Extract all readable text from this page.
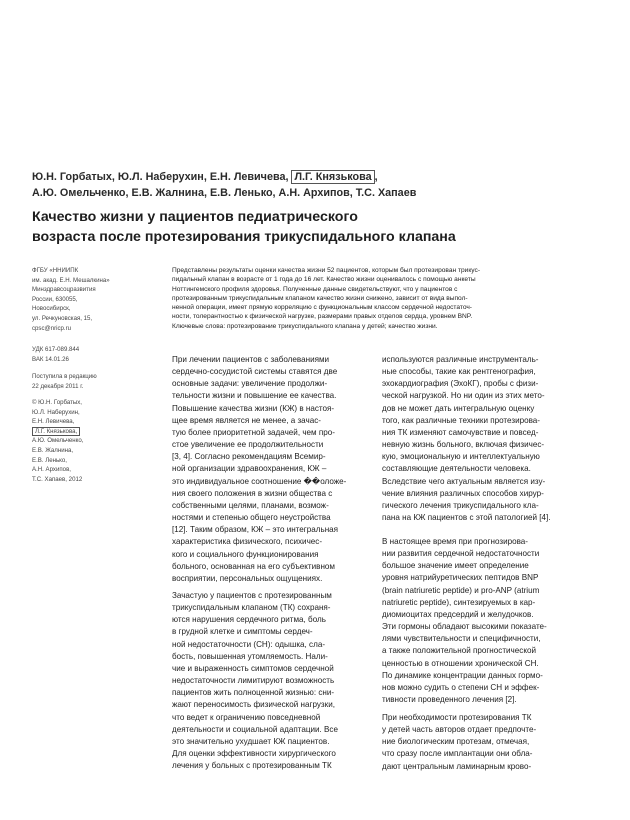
Ю.Н. Горбатых, Ю.Л. Наберухин, Е.Н. Левичева, Л.Г. Князькова ,
А.Ю. Омельченко, Е.В. Жалнина, Е.В. Ленько, А.Н. Архипов, Т.С. Хапаев
Качество жизни у пациентов педиатрического
возраста после протезирования трикуспидального клапана
ФГБУ «ННИИПК
им. акад. Е.Н. Мешалкина»
Минздравсоцразвития
России, 630055,
Новосибирск,
ул. Речкуновская, 15,
cpsc@nricp.ru
УДК 617-089.844
ВАК 14.01.26
Поступила в редакцию
22 декабря 2011 г.
© Ю.Н. Горбатых,
Ю.Л. Наберухин,
Е.Н. Левичева,
Л.Г. Князькова,
А.Ю. Омельченко,
Е.В. Жалнина,
Е.В. Ленько,
А.Н. Архипов,
Т.С. Хапаев, 2012
Представлены результаты оценки качества жизни 52 пациентов, которым был протезирован трикус-
пидальный клапан в возрасте от 1 года до 16 лет. Качество жизни оценивалось с помощью анкеты
Ноттингемского профиля здоровья. Полученные данные свидетельствуют, что у пациентов с
протезированным трикуспидальным клапаном качество жизни снижено, зависит от вида выпол-
ненной операции, имеет прямую корреляцию с функциональным классом сердечной недостаточ-
ности, толерантностью к физической нагрузке, размерами правых отделов сердца, уровнем BNP.
Ключевые слова: протезирование трикуспидального клапана у детей; качество жизни.

При лечении пациентов с заболеваниями
сердечно-сосудистой системы ставятся две
основные задачи: увеличение продолжи-
тельности жизни и повышение ее качества.
Повышение качества жизни (КЖ) в настоя-
щее время является не менее, а зачас-
тую более приоритетной задачей, чем про-
стое увеличение ее продолжительности
[3, 4]. Согласно рекомендациям Всемир-
ной организации здравоохранения, КЖ –
это индивидуальное соотношение ��оложе-
ния своего положения в жизни общества с
собственными целями, планами, возмож-
ностями и степенью общего неустройства
[12]. Таким образом, КЖ – это интегральная
характеристика физического, психичес-
кого и социального функционирования
больного, основанная на его субъективном
восприятии, персональных ощущениях.

Зачастую у пациентов с протезированным
трикуспидальным клапаном (ТК) сохраня-
ются нарушения сердечного ритма, боль
в грудной клетке и симптомы сердеч-
ной недостаточности (СН): одышка, сла-
бость, повышенная утомляемость. Нали-
чие и выраженность симптомов сердечной
недостаточности лимитируют возможность
пациентов жить полноценной жизнью: сни-
жают переносимость физической нагрузки,
что ведет к ограничению повседневной
деятельности и социальной адаптации. Все
это значительно ухудшает КЖ пациентов.
Для оценки эффективности хирургического
лечения у больных с протезированным ТК
используются различные инструменталь-
ные способы, такие как рентгенография,
эхокардиография (ЭхоКГ), пробы с физи-
ческой нагрузкой. Но ни один из этих мето-
дов не может дать интегральную оценку
того, как различные техники протезирова-
ния ТК изменяют самочувствие и повсед-
невную жизнь больного, включая физичес-
кую, эмоциональную и интеллектуальную
составляющие деятельности человека.
Вследствие чего актуальным является изу-
чение влияния различных способов хирур-
гического лечения трикуспидального кла-
пана на КЖ пациентов с этой патологией [4].
В настоящее время при прогнозирова-
нии развития сердечной недостаточности
большое значение имеет определение
уровня натрийуретических пептидов BNP
(brain natriuretic peptide) и pro-ANP (atrium
natriuretic peptide), синтезируемых в кар-
диомиоцитах предсердий и желудочков.
Эти гормоны обладают высокими показате-
лями чувствительности и специфичности,
а также положительной прогностической
ценностью в отношении хронической СН.
По динамике концентрации данных гормо-
нов можно судить о степени СН и эффек-
тивности проведенного лечения [2].
При необходимости протезирования ТК
у детей часть авторов отдает предпочте-
ние биологическим протезам, отмечая,
что сразу после имплантации они обла-
дают центральным ламинарным крово-
